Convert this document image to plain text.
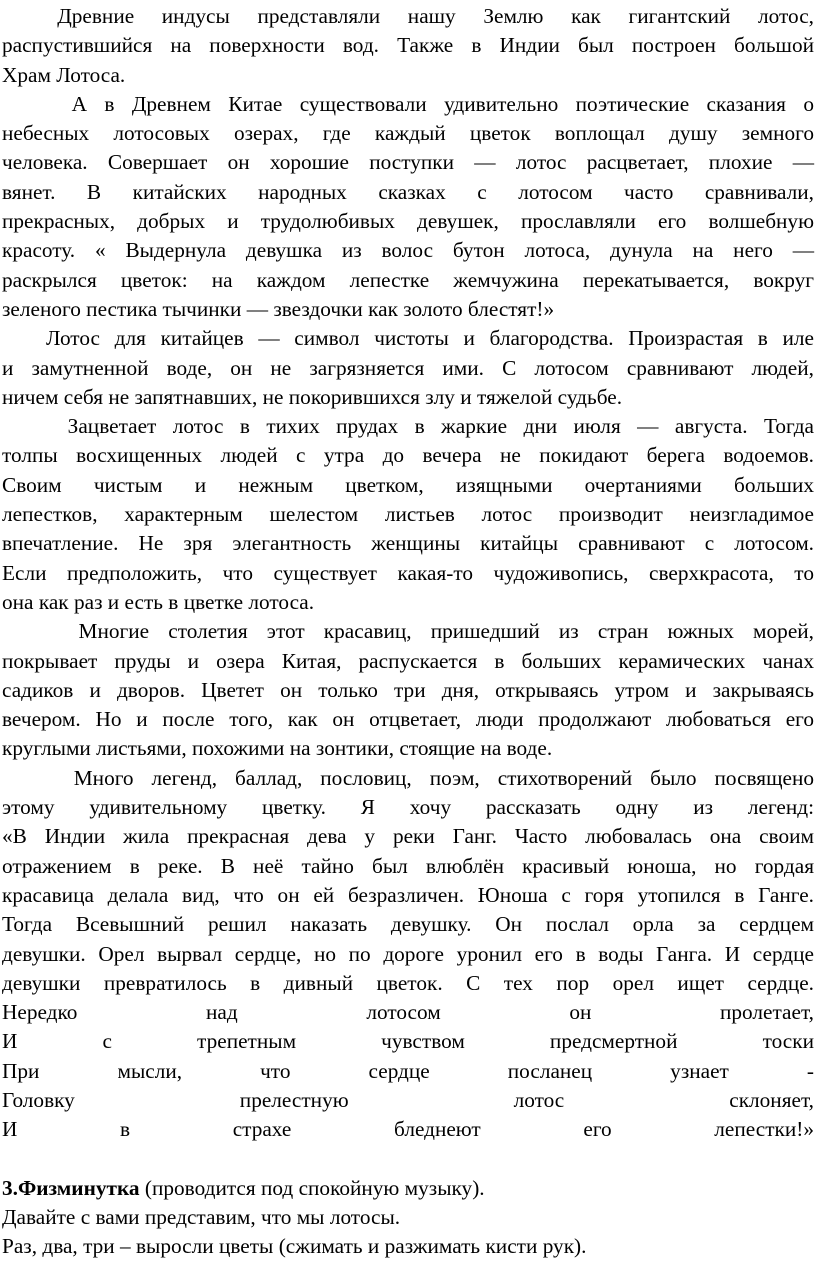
Древние индусы представляли нашу Землю как гигантский лотос,
распустившийся на поверхности вод. Также в Индии был построен большой
Храм Лотоса.
А в Древнем Китае существовали удивительно поэтические сказания о
небесных лотосовых озерах, где каждый цветок воплощал душу земного
человека. Совершает он хорошие поступки — лотос расцветает, плохие —
вянет. В китайских народных сказках с лотосом часто сравнивали,
прекрасных, добрых и трудолюбивых девушек, прославляли его волшебную
красоту. « Выдернула девушка из волос бутон лотоса, дунула на него —
раскрылся цветок: на каждом лепестке жемчужина перекатывается, вокруг
зеленого пестика тычинки — звездочки как золото блестят!»
Лотос для китайцев — символ чистоты и благородства. Произрастая в иле
и замутненной воде, он не загрязняется ими. С лотосом сравнивают людей,
ничем себя не запятнавших, не покорившихся злу и тяжелой судьбе.
Зацветает лотос в тихих прудах в жаркие дни июля — августа. Тогда
толпы восхищенных людей с утра до вечера не покидают берега водоемов.
Своим чистым и нежным цветком, изящными очертаниями больших
лепестков, характерным шелестом листьев лотос производит неизгладимое
впечатление. Не зря элегантность женщины китайцы сравнивают с лотосом.
Если предположить, что существует какая-то чудоживопись, сверхкрасота, то
она как раз и есть в цветке лотоса.
Многие столетия этот красавиц, пришедший из стран южных морей,
покрывает пруды и озера Китая, распускается в больших керамических чанах
садиков и дворов. Цветет он только три дня, открываясь утром и закрываясь
вечером. Но и после того, как он отцветает, люди продолжают любоваться его
круглыми листьями, похожими на зонтики, стоящие на воде.
Много легенд, баллад, пословиц, поэм, стихотворений было посвящено
этому удивительному цветку. Я хочу рассказать одну из легенд:
«В Индии жила прекрасная дева у реки Ганг. Часто любовалась она своим
отражением в реке. В неё тайно был влюблён красивый юноша, но гордая
красавица делала вид, что он ей безразличен. Юноша с горя утопился в Ганге.
Тогда Всевышний решил наказать девушку. Он послал орла за сердцем
девушки. Орел вырвал сердце, но по дороге уронил его в воды Ганга. И сердце
девушки превратилось в дивный цветок. С тех пор орел ищет сердце.
Нередко над лотосом он пролетает,
И с трепетным чувством предсмертной тоски
При мысли, что сердце посланец узнает -
Головку прелестную лотос склоняет,
И в страхе бледнеют его лепестки!»
3.Физминутка (проводится под спокойную музыку).
Давайте с вами представим, что мы лотосы.
Раз, два, три – выросли цветы (сжимать и разжимать кисти рук).
